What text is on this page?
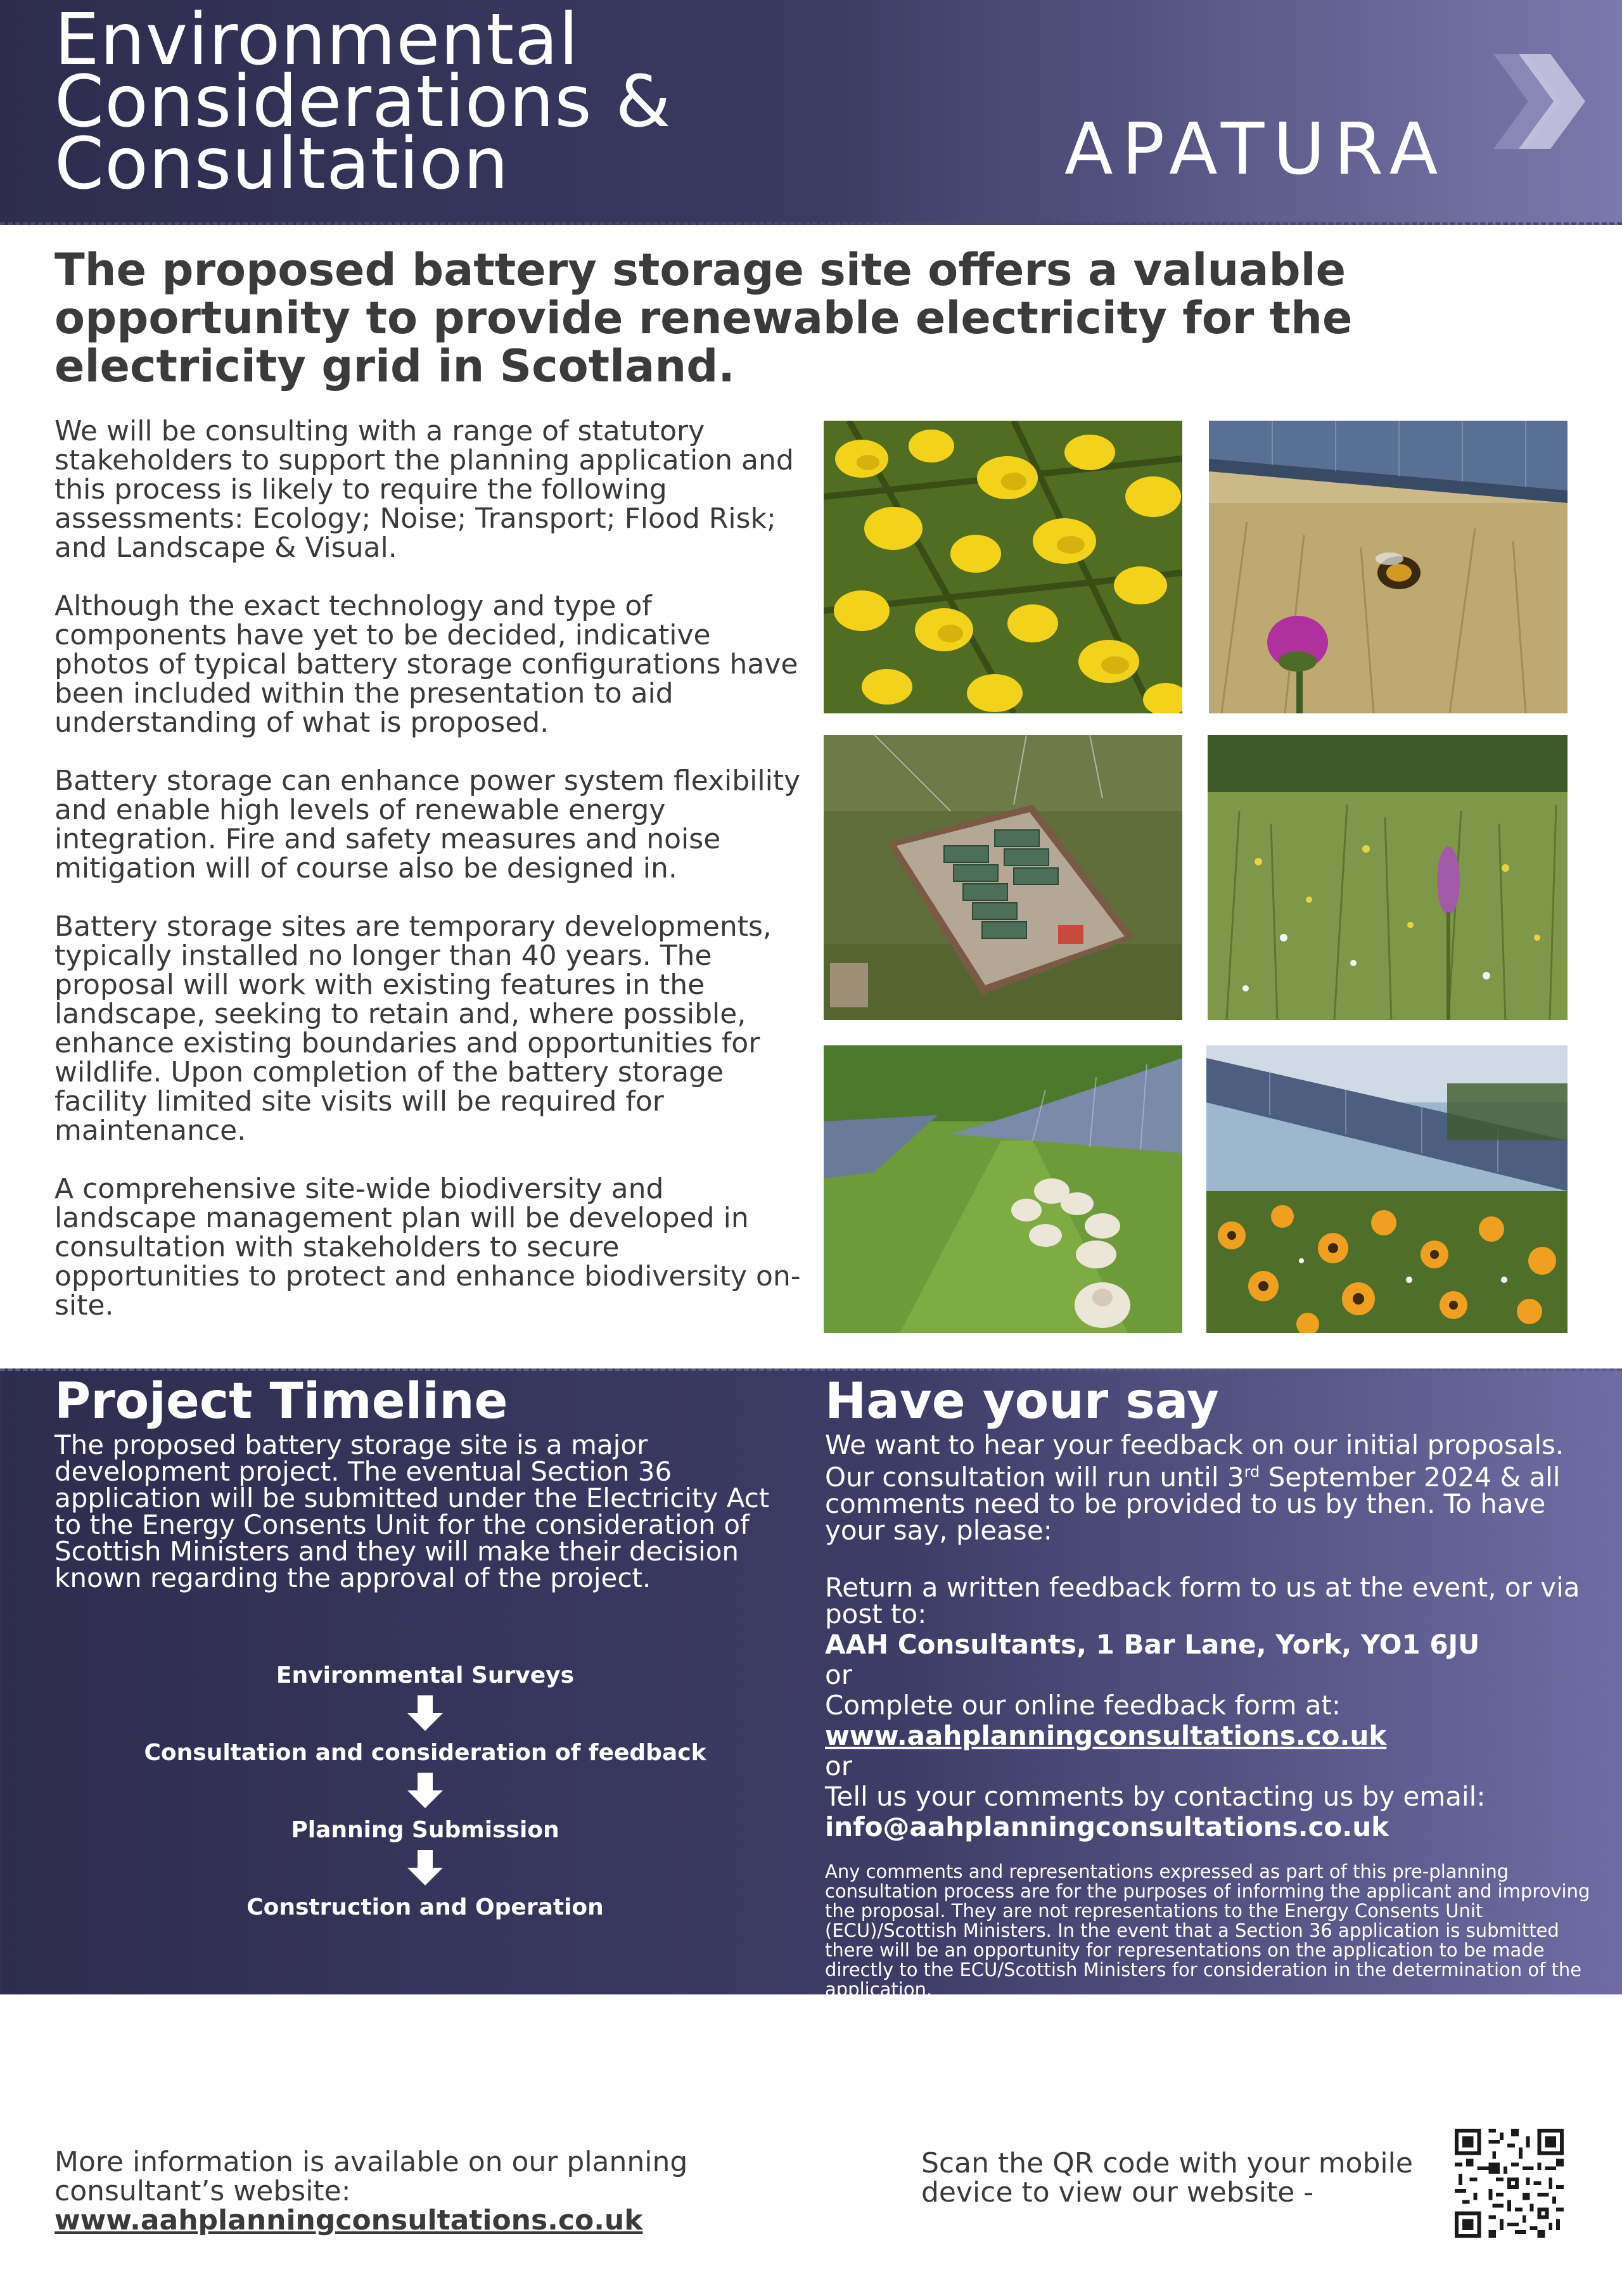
Environmental
Considerations &
Consultation	APATURA
The proposed battery storage site offers a valuable opportunity to provide renewable electricity for the electricity grid in Scotland.

We will be consulting with a range of statutory stakeholders to support the planning application and this process is likely to require the following assessments: Ecology; Noise; Transport; Flood Risk; and Landscape & Visual.

Although the exact technology and type of components have yet to be decided, indicative photos of typical battery storage configurations have been included within the presentation to aid understanding of what is proposed.

Battery storage can enhance power system flexibility and enable high levels of renewable energy integration. Fire and safety measures and noise mitigation will of course also be designed in.

Battery storage sites are temporary developments, typically installed no longer than 40 years. The proposal will work with existing features in the landscape, seeking to retain and, where possible, enhance existing boundaries and opportunities for wildlife. Upon completion of the battery storage facility limited site visits will be required for maintenance.

A comprehensive site-wide biodiversity and landscape management plan will be developed in consultation with stakeholders to secure opportunities to protect and enhance biodiversity on-site.

Project Timeline
The proposed battery storage site is a major development project. The eventual Section 36 application will be submitted under the Electricity Act to the Energy Consents Unit for the consideration of Scottish Ministers and they will make their decision known regarding the approval of the project.
Environmental Surveys
Consultation and consideration of feedback
Planning Submission
Construction and Operation
Have your say
We want to hear your feedback on our initial proposals. Our consultation will run until 3rd September 2024 & all comments need to be provided to us by then. To have your say, please:
Return a written feedback form to us at the event, or via post to:
AAH Consultants, 1 Bar Lane, York, YO1 6JU
or
Complete our online feedback form at:
www.aahplanningconsultations.co.uk
or
Tell us your comments by contacting us by email:
info@aahplanningconsultations.co.uk
Any comments and representations expressed as part of this pre-planning consultation process are for the purposes of informing the applicant and improving the proposal. They are not representations to the Energy Consents Unit (ECU)/Scottish Ministers. In the event that a Section 36 application is submitted there will be an opportunity for representations on the application to be made directly to the ECU/Scottish Ministers for consideration in the determination of the application.
More information is available on our planning consultant’s website:
www.aahplanningconsultations.co.uk
Scan the QR code with your mobile device to view our website -
